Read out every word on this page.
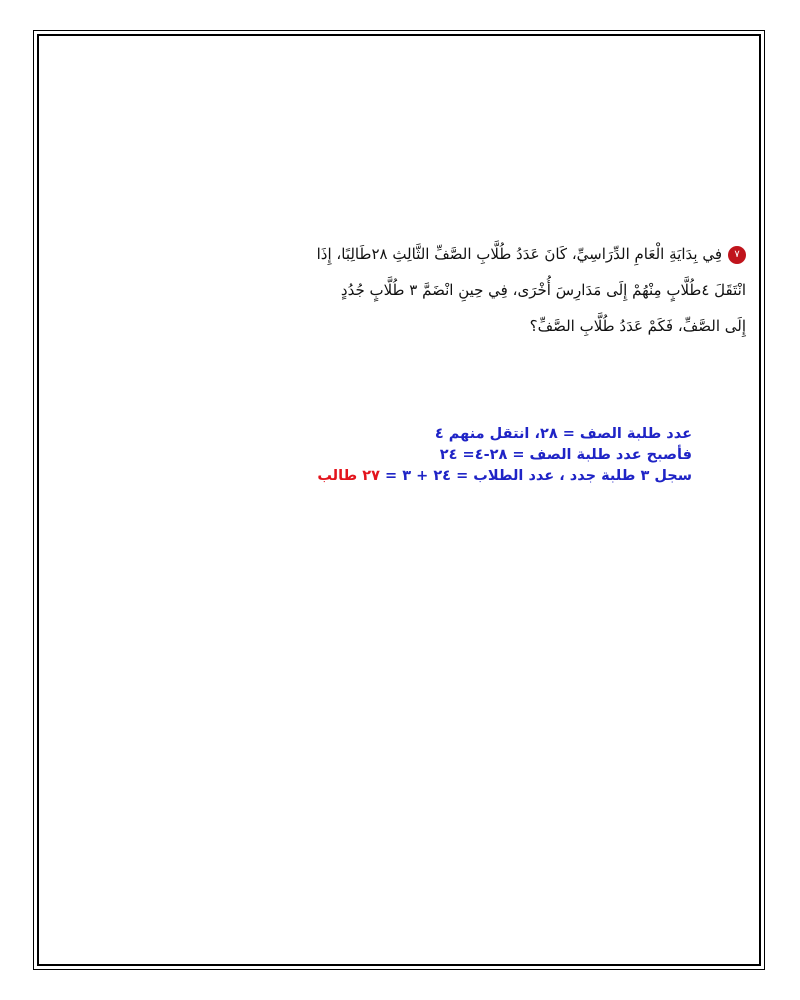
٧فِي بِدَايَةِ الْعَامِ الدِّرَاسِيِّ، كَانَ عَدَدُ طُلَّابِ الصَّفِّ الثَّالِثِ ٢٨طَالِبًا، إِذَا
انْتَقَلَ ٤طُلَّابٍ مِنْهُمْ إِلَى مَدَارِسَ أُخْرَى، فِي حِينِ انْضَمَّ ٣ طُلَّابٍ جُدُدٍ
إِلَى الصَّفِّ، فَكَمْ عَدَدُ طُلَّابِ الصَّفِّ؟
عدد طلبة الصف = ٢٨، انتقل منهم ٤
فأصبح عدد طلبة الصف = ٢٨-٤= ٢٤
سجل ٣ طلبة جدد ، عدد الطلاب = ٢٤ + ٣ = ٢٧ طالب
